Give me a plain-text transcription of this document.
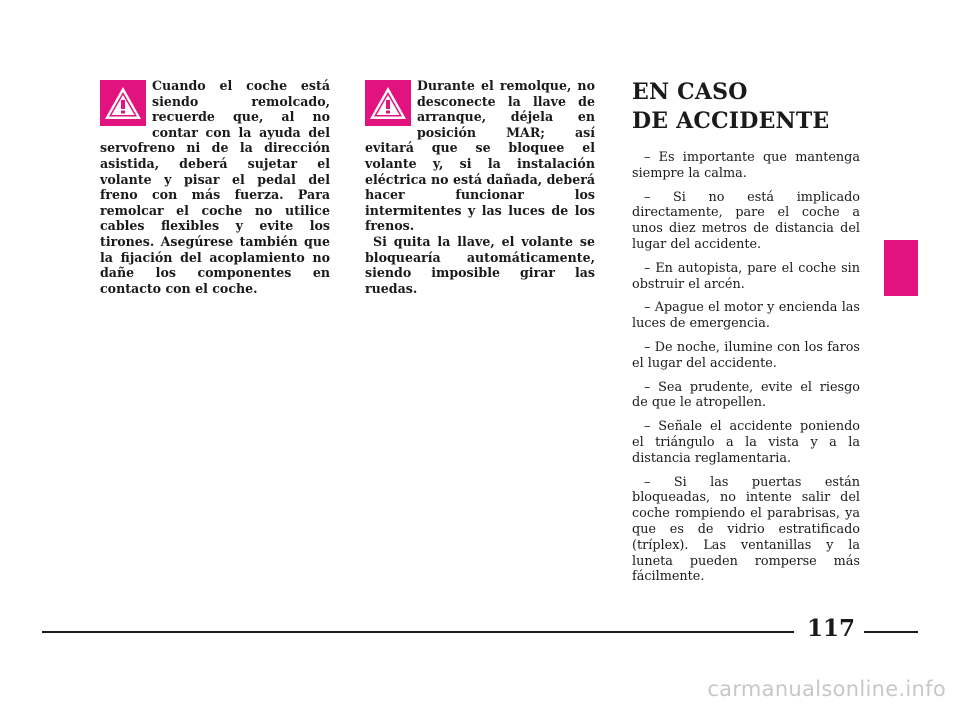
Cuando el coche está siendo remolcado, recuerde que, al no contar con la ayuda del servofreno ni de la dirección asistida, deberá sujetar el volante y pisar el pedal del freno con más fuerza. Para remolcar el coche no utilice cables flexibles y evite los tirones. Asegúrese también que la fijación del acoplamiento no dañe los componentes en contacto con el coche.

Durante el remolque, no desconecte la llave de arranque, déjela en posición MAR; así evitará que se bloquee el volante y, si la instalación eléctrica no está dañada, deberá hacer funcionar los intermitentes y las luces de los frenos.

Si quita la llave, el volante se bloquearía automáticamente, siendo imposible girar las ruedas.

EN CASO
DE ACCIDENTE

– Es importante que mantenga siempre la calma.

– Si no está implicado directamente, pare el coche a unos diez metros de distancia del lugar del accidente.

– En autopista, pare el coche sin obstruir el arcén.

– Apague el motor y encienda las luces de emergencia.

– De noche, ilumine con los faros el lugar del accidente.

– Sea prudente, evite el riesgo de que le atropellen.

– Señale el accidente poniendo el triángulo a la vista y a la distancia reglamentaria.

– Si las puertas están bloqueadas, no intente salir del coche rompiendo el parabrisas, ya que es de vidrio estratificado (tríplex). Las ventanillas y la luneta pueden romperse más fácilmente.

117
carmanualsonline.info
